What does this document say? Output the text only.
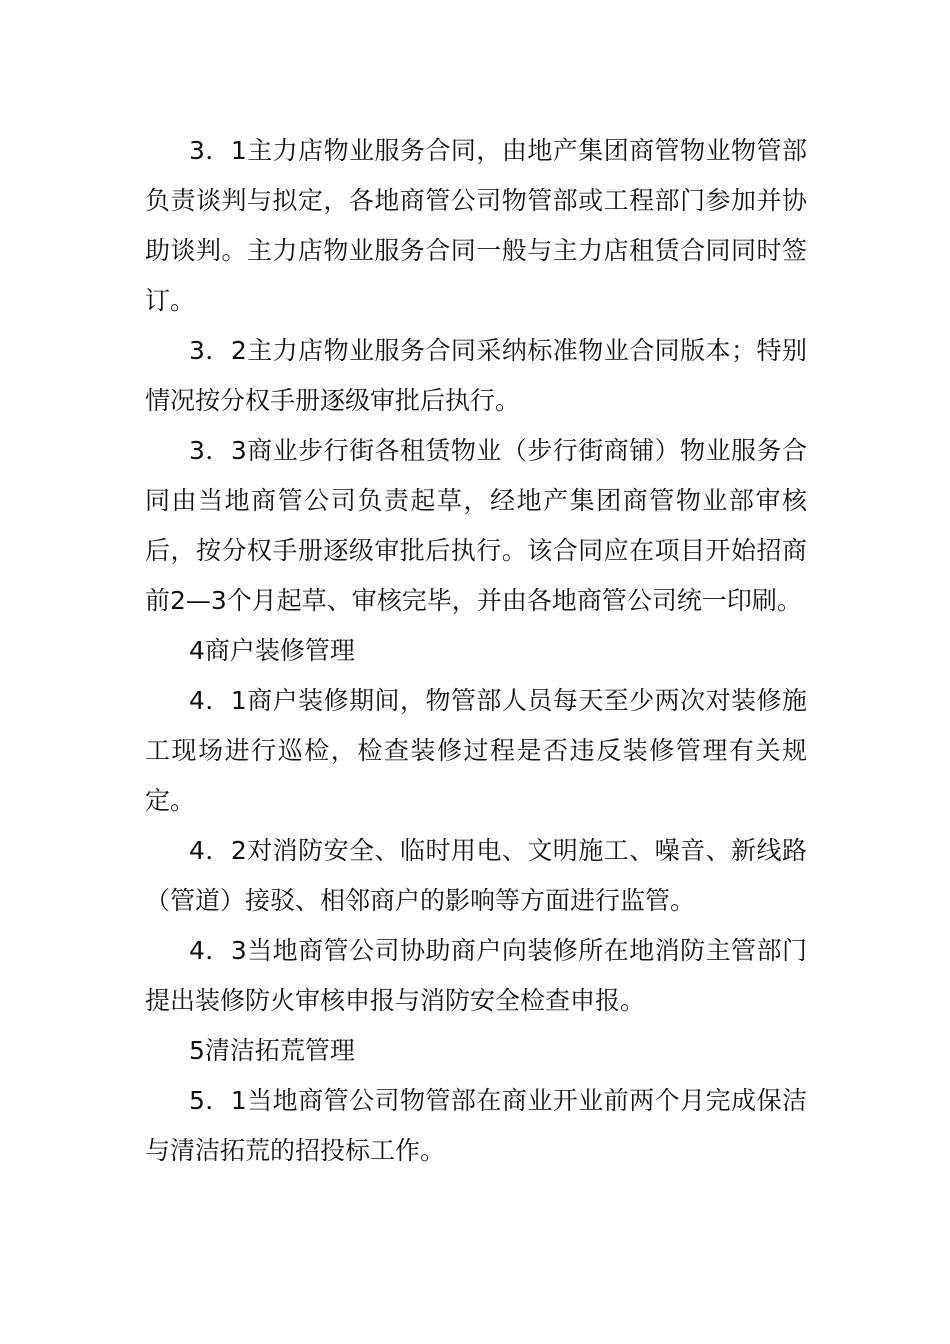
3．1主力店物业服务合同，由地产集团商管物业物管部负责谈判与拟定，各地商管公司物管部或工程部门参加并协助谈判。主力店物业服务合同一般与主力店租赁合同同时签订。

3．2主力店物业服务合同采纳标准物业合同版本；特别情况按分权手册逐级审批后执行。

3．3商业步行街各租赁物业（步行街商铺）物业服务合同由当地商管公司负责起草，经地产集团商管物业部审核后，按分权手册逐级审批后执行。该合同应在项目开始招商前2—3个月起草、审核完毕，并由各地商管公司统一印刷。

4商户装修管理

4．1商户装修期间，物管部人员每天至少两次对装修施工现场进行巡检，检查装修过程是否违反装修管理有关规定。

4．2对消防安全、临时用电、文明施工、噪音、新线路（管道）接驳、相邻商户的影响等方面进行监管。

4．3当地商管公司协助商户向装修所在地消防主管部门提出装修防火审核申报与消防安全检查申报。

5清洁拓荒管理

5．1当地商管公司物管部在商业开业前两个月完成保洁与清洁拓荒的招投标工作。
